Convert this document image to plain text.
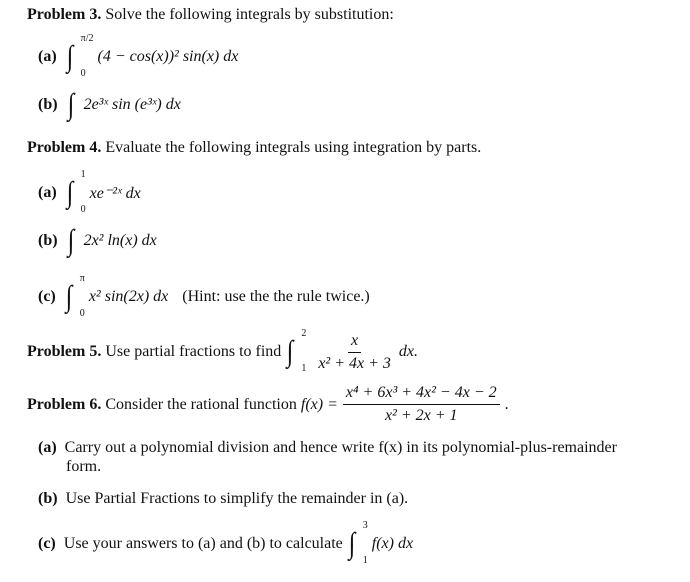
Problem 3.
Solve the following integrals by substitution:
(a) ∫
π/2
0
(4 − cos(x))² sin(x) dx
(b) ∫ 2e³ˣ sin (e³ˣ) dx
Problem 4.
Evaluate the following integrals using integration by parts.
(a) ∫
1
0
xe⁻²ˣ dx
(b) ∫ 2x² ln(x) dx
(c) ∫
π
0
x² sin(2x) dx (Hint: use the the rule twice.)
Problem 5.
Use partial fractions to find
∫
2
$1 \frac{x}{\text{x² + 4x + 3}}$ dx.
Problem 6.
Consider the rational function
$f(x) = \frac{\text{x⁴ + 6x³ + 4x² − 4x − 2}}{\text{x² + 2x + 1}}$ .
(a) Carry out a polynomial division and hence write f(x) in its polynomial-plus-remainder
form.
(b) Use Partial Fractions to simplify the remainder in (a).
(c) Use your answers to (a) and (b) to calculate
∫
3
1
f(x) dx
